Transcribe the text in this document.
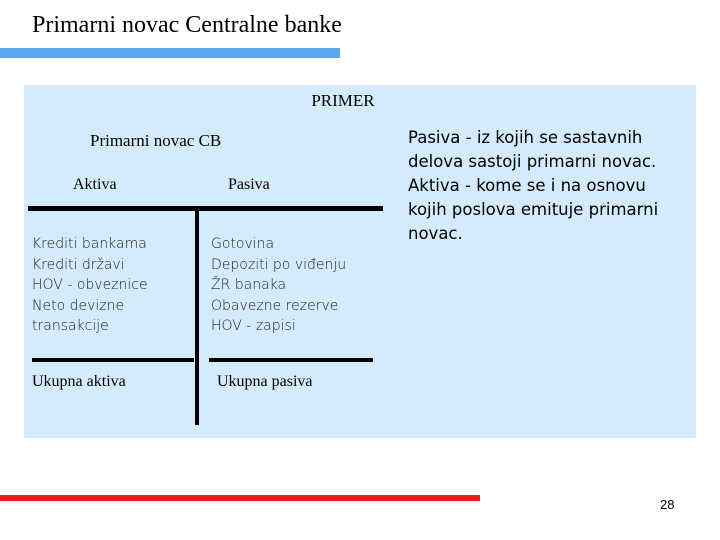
Primarni novac Centralne banke
PRIMER
Primarni novac CB
Aktiva	Pasiva
Krediti bankama
Krediti državi
HOV - obveznice
Neto devizne
transakcije
Gotovina
Depoziti po viđenju
ŽR banaka
Obavezne rezerve
HOV - zapisi
Ukupna aktiva	Ukupna pasiva
Pasiva - iz kojih se sastavnih delova sastoji primarni novac. Aktiva - kome se i na osnovu kojih poslova emituje primarni novac.
28
